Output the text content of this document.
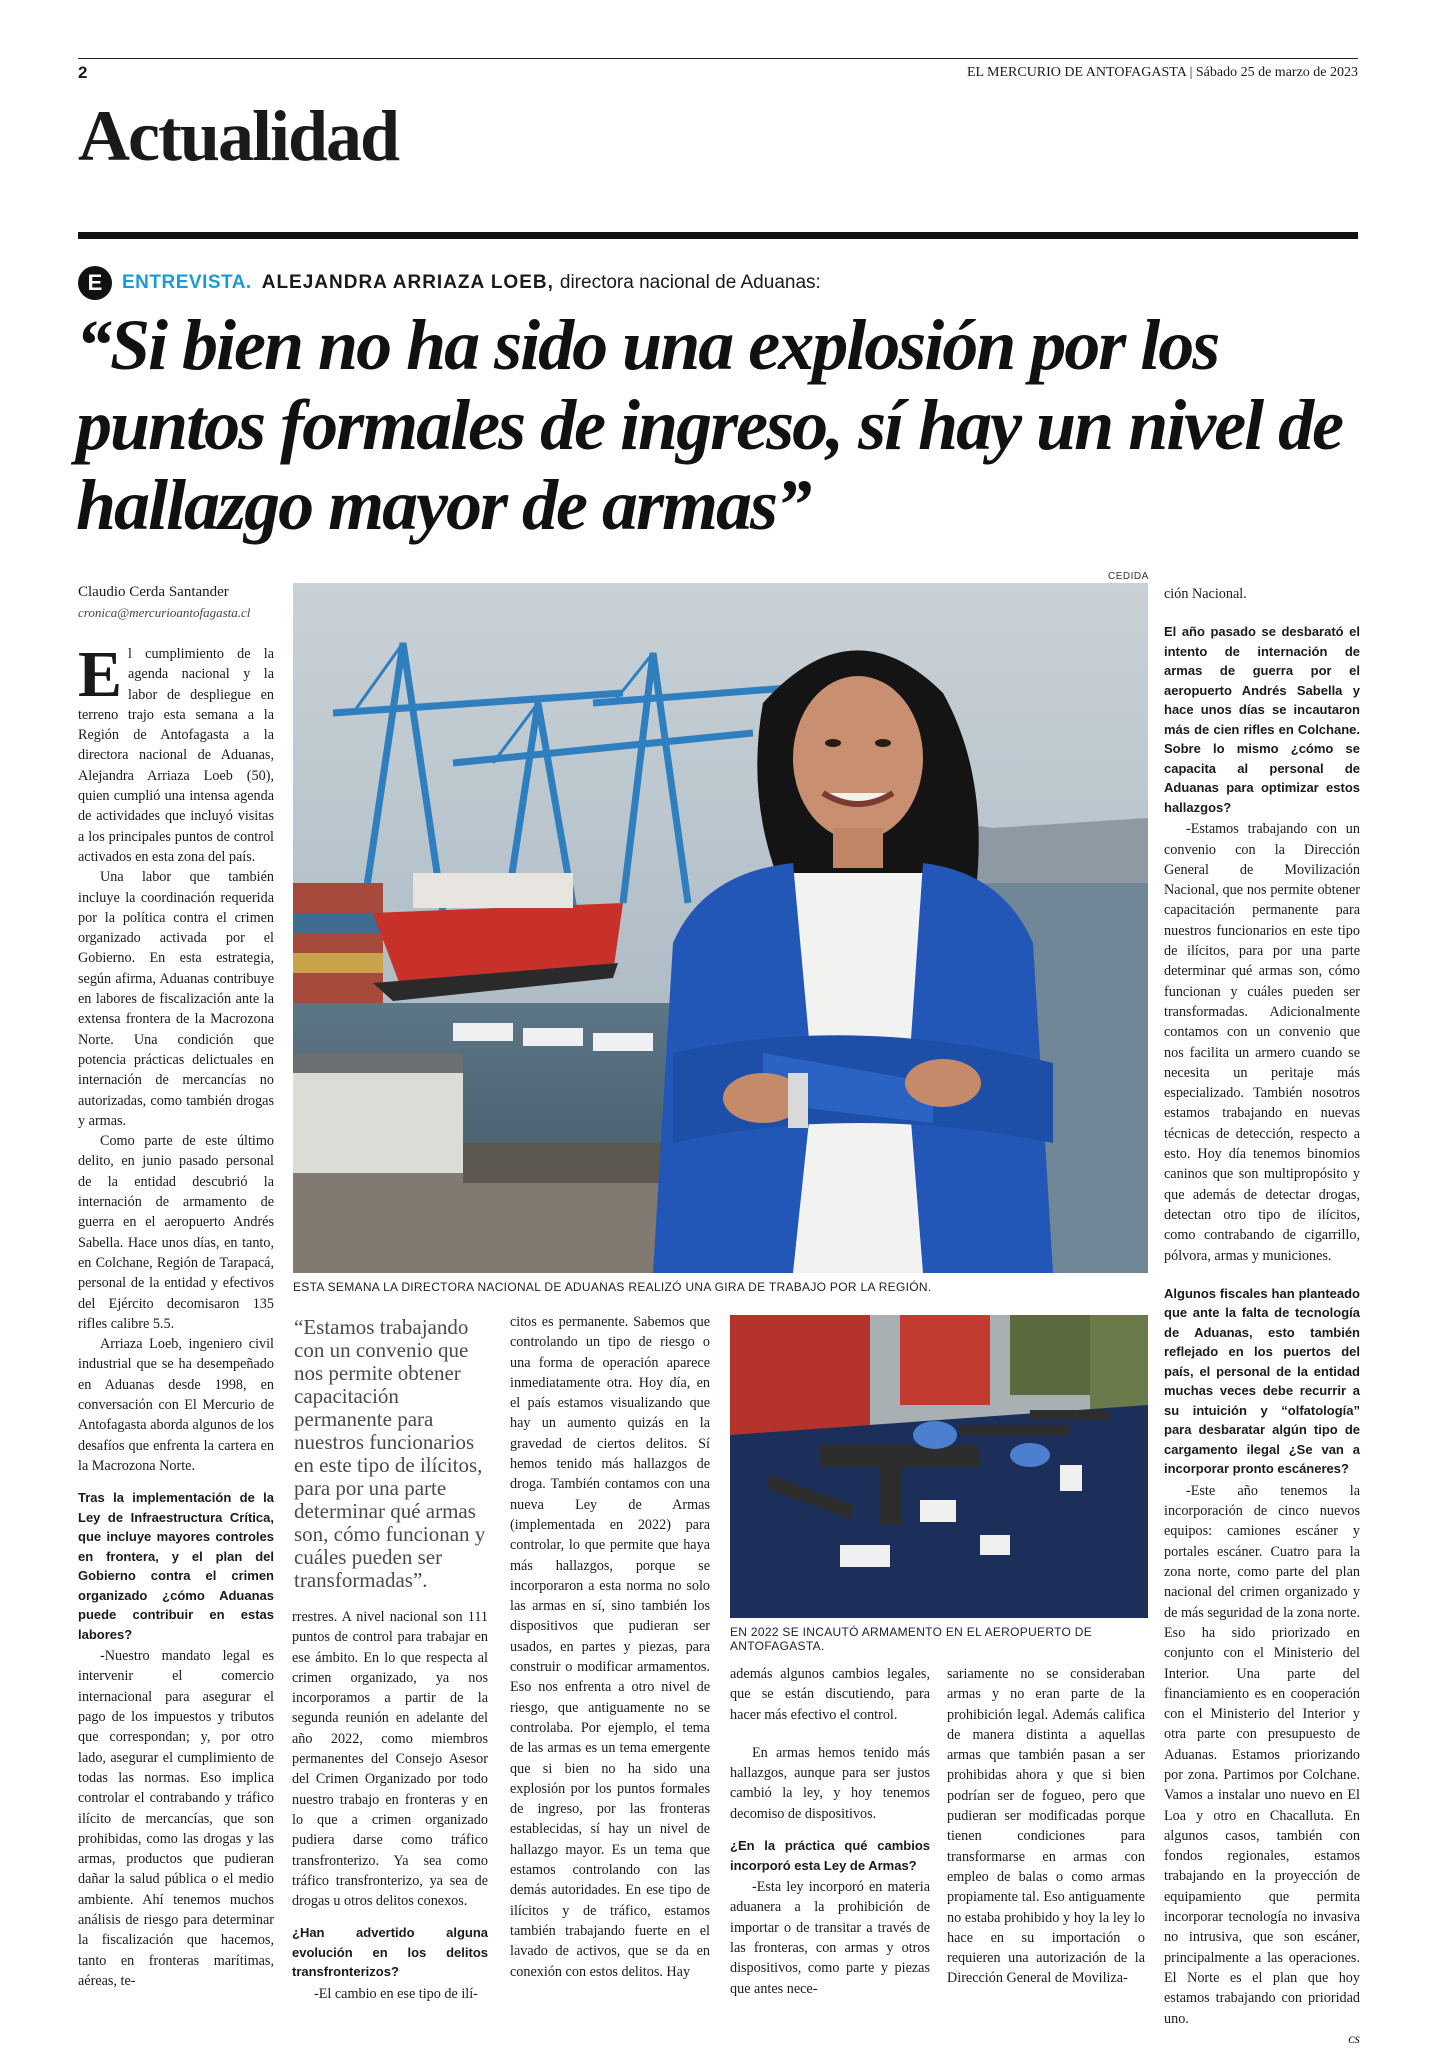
2	EL MERCURIO DE ANTOFAGASTA | Sábado 25 de marzo de 2023
Actualidad
E	ENTREVISTA. ALEJANDRA ARRIAZA LOEB, directora nacional de Aduanas:
“Si bien no ha sido una explosión por los puntos formales de ingreso, sí hay un nivel de hallazgo mayor de armas”
Claudio Cerda Santander
cronica@mercurioantofagasta.cl
CEDIDA
ESTA SEMANA LA DIRECTORA NACIONAL DE ADUANAS REALIZÓ UNA GIRA DE TRABAJO POR LA REGIÓN.
EN 2022 SE INCAUTÓ ARMAMENTO EN EL AEROPUERTO DE ANTOFAGASTA.
“Estamos trabajando con un convenio que nos permite obtener capacitación permanente para nuestros funcionarios en este tipo de ilícitos, para por una parte determinar qué armas son, cómo funcionan y cuáles pueden ser transformadas”.

El cumplimiento de la agenda nacional y la labor de despliegue en terreno trajo esta semana a la Región de Antofagasta a la directora nacional de Aduanas, Alejandra Arriaza Loeb (50), quien cumplió una intensa agenda de actividades que incluyó visitas a los principales puntos de control activados en esta zona del país.

Una labor que también incluye la coordinación requerida por la política contra el crimen organizado activada por el Gobierno. En esta estrategia, según afirma, Aduanas contribuye en labores de fiscalización ante la extensa frontera de la Macrozona Norte. Una condición que potencia prácticas delictuales en internación de mercancías no autorizadas, como también drogas y armas.

Como parte de este último delito, en junio pasado personal de la entidad descubrió la internación de armamento de guerra en el aeropuerto Andrés Sabella. Hace unos días, en tanto, en Colchane, Región de Tarapacá, personal de la entidad y efectivos del Ejército decomisaron 135 rifles calibre 5.5.

Arriaza Loeb, ingeniero civil industrial que se ha desempeñado en Aduanas desde 1998, en conversación con El Mercurio de Antofagasta aborda algunos de los desafíos que enfrenta la cartera en la Macrozona Norte.

Tras la implementación de la Ley de Infraestructura Crítica, que incluye mayores controles en frontera, y el plan del Gobierno contra el crimen organizado ¿cómo Aduanas puede contribuir en estas labores?

-Nuestro mandato legal es intervenir el comercio internacional para asegurar el pago de los impuestos y tributos que correspondan; y, por otro lado, asegurar el cumplimiento de todas las normas. Eso implica controlar el contrabando y tráfico ilícito de mercancías, que son prohibidas, como las drogas y las armas, productos que pudieran dañar la salud pública o el medio ambiente. Ahí tenemos muchos análisis de riesgo para determinar la fiscalización que hacemos, tanto en fronteras marítimas, aéreas, te-

rrestres. A nivel nacional son 111 puntos de control para trabajar en ese ámbito. En lo que respecta al crimen organizado, ya nos incorporamos a partir de la segunda reunión en adelante del año 2022, como miembros permanentes del Consejo Asesor del Crimen Organizado por todo nuestro trabajo en fronteras y en lo que a crimen organizado pudiera darse como tráfico transfronterizo. Ya sea como tráfico transfronterizo, ya sea de drogas u otros delitos conexos.

¿Han advertido alguna evolución en los delitos transfronterizos?

-El cambio en ese tipo de ilí-

citos es permanente. Sabemos que controlando un tipo de riesgo o una forma de operación aparece inmediatamente otra. Hoy día, en el país estamos visualizando que hay un aumento quizás en la gravedad de ciertos delitos. Sí hemos tenido más hallazgos de droga. También contamos con una nueva Ley de Armas (implementada en 2022) para controlar, lo que permite que haya más hallazgos, porque se incorporaron a esta norma no solo las armas en sí, sino también los dispositivos que pudieran ser usados, en partes y piezas, para construir o modificar armamentos. Eso nos enfrenta a otro nivel de riesgo, que antiguamente no se controlaba. Por ejemplo, el tema de las armas es un tema emergente que si bien no ha sido una explosión por los puntos formales de ingreso, por las fronteras establecidas, sí hay un nivel de hallazgo mayor. Es un tema que estamos controlando con las demás autoridades. En ese tipo de ilícitos y de tráfico, estamos también trabajando fuerte en el lavado de activos, que se da en conexión con estos delitos. Hay

además algunos cambios legales, que se están discutiendo, para hacer más efectivo el control.

En armas hemos tenido más hallazgos, aunque para ser justos cambió la ley, y hoy tenemos decomiso de dispositivos.

¿En la práctica qué cambios incorporó esta Ley de Armas?

-Esta ley incorporó en materia aduanera a la prohibición de importar o de transitar a través de las fronteras, con armas y otros dispositivos, como parte y piezas que antes nece-

sariamente no se consideraban armas y no eran parte de la prohibición legal. Además califica de manera distinta a aquellas armas que también pasan a ser prohibidas ahora y que si bien podrían ser de fogueo, pero que pudieran ser modificadas porque tienen condiciones para transformarse en armas con empleo de balas o como armas propiamente tal. Eso antiguamente no estaba prohibido y hoy la ley lo hace en su importación o requieren una autorización de la Dirección General de Moviliza-

ción Nacional.

El año pasado se desbarató el intento de internación de armas de guerra por el aeropuerto Andrés Sabella y hace unos días se incautaron más de cien rifles en Colchane. Sobre lo mismo ¿cómo se capacita al personal de Aduanas para optimizar estos hallazgos?

-Estamos trabajando con un convenio con la Dirección General de Movilización Nacional, que nos permite obtener capacitación permanente para nuestros funcionarios en este tipo de ilícitos, para por una parte determinar qué armas son, cómo funcionan y cuáles pueden ser transformadas. Adicionalmente contamos con un convenio que nos facilita un armero cuando se necesita un peritaje más especializado. También nosotros estamos trabajando en nuevas técnicas de detección, respecto a esto. Hoy día tenemos binomios caninos que son multipropósito y que además de detectar drogas, detectan otro tipo de ilícitos, como contrabando de cigarrillo, pólvora, armas y municiones.

Algunos fiscales han planteado que ante la falta de tecnología de Aduanas, esto también reflejado en los puertos del país, el personal de la entidad muchas veces debe recurrir a su intuición y “olfatología” para desbaratar algún tipo de cargamento ilegal ¿Se van a incorporar pronto escáneres?

-Este año tenemos la incorporación de cinco nuevos equipos: camiones escáner y portales escáner. Cuatro para la zona norte, como parte del plan nacional del crimen organizado y de más seguridad de la zona norte. Eso ha sido priorizado en conjunto con el Ministerio del Interior. Una parte del financiamiento es en cooperación con el Ministerio del Interior y otra parte con presupuesto de Aduanas. Estamos priorizando por zona. Partimos por Colchane. Vamos a instalar uno nuevo en El Loa y otro en Chacalluta. En algunos casos, también con fondos regionales, estamos trabajando en la proyección de equipamiento que permita incorporar tecnología no invasiva no intrusiva, que son escáner, principalmente a las operaciones. El Norte es el plan que hoy estamos trabajando con prioridad uno.

ᴄѕ
